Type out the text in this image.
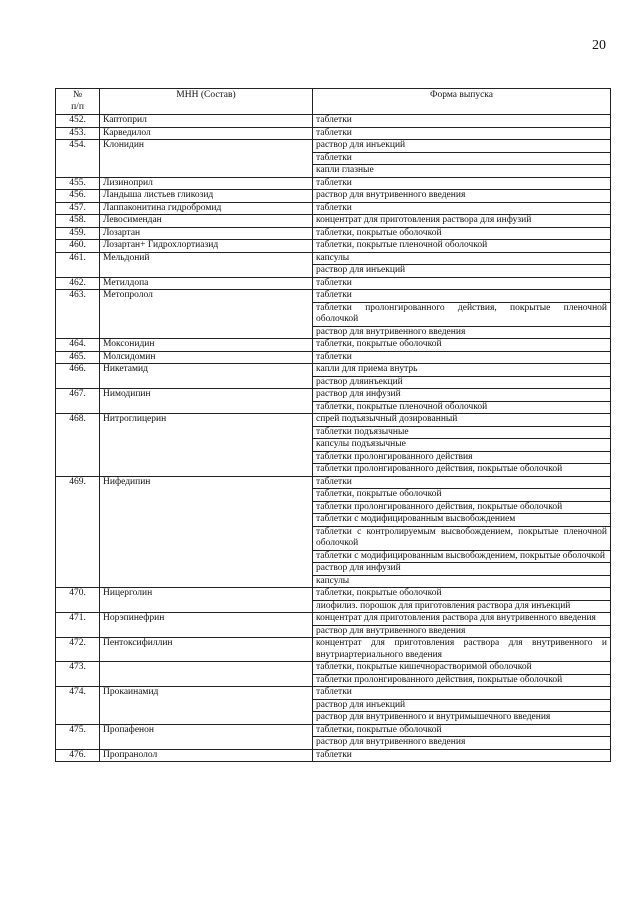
20
№
п/п	МНН (Состав)	Форма выпуска
452.	Каптоприл	таблетки
453.	Карведилол	таблетки
454.	Клонидин	раствор для инъекций
		таблетки
		капли глазные
455.	Лизиноприл	таблетки
456.	Ландыша листьев гликозид	раствор для внутривенного введения
457.	Лаппаконитина гидробромид	таблетки
458.	Левосимендан	концентрат для приготовления раствора для инфузий
459.	Лозартан	таблетки, покрытые оболочкой
460.	Лозартан+ Гидрохлортиазид	таблетки, покрытые пленочной оболочкой
461.	Мельдоний	капсулы
		раствор для инъекций
462.	Метилдопа	таблетки
463.	Метопролол	таблетки
		таблетки пролонгированного действия, покрытые пленочной оболочкой
		раствор для внутривенного введения
464.	Моксонидин	таблетки, покрытые оболочкой
465.	Молсидомин	таблетки
466.	Никетамид	капли для приема внутрь
		раствор дляинъекций
467.	Нимодипин	раствор для инфузий
		таблетки, покрытые пленочной оболочкой
468.	Нитроглицерин	спрей подъязычный дозированный
		таблетки подъязычные
		капсулы подъязычные
		таблетки пролонгированного действия
		таблетки пролонгированного действия, покрытые оболочкой
469.	Нифедипин	таблетки
		таблетки, покрытые оболочкой
		таблетки пролонгированного действия, покрытые оболочкой
		таблетки с модифицированным высвобождением
		таблетки с контролируемым высвобождением, покрытые пленочной оболочкой
		таблетки с модифицированным высвобождением, покрытые оболочкой
		раствор для инфузий
		капсулы
470.	Ницерголин	таблетки, покрытые оболочкой
		лиофилиз. порошок для приготовления раствора для инъекций
471.	Норэпинефрин	концентрат для приготовления раствора для внутривенного введения
		раствор для внутривенного введения
472.	Пентоксифиллин	концентрат для приготовления раствора для внутривенного и внутриартериального введения
473.		таблетки, покрытые кишечнорастворимой оболочкой
		таблетки пролонгированного действия, покрытые оболочкой
474.	Прокаинамид	таблетки
		раствор для инъекций
		раствор для внутривенного и внутримышечного введения
475.	Пропафенон	таблетки, покрытые оболочкой
		раствор для внутривенного введения
476.	Пропранолол	таблетки
